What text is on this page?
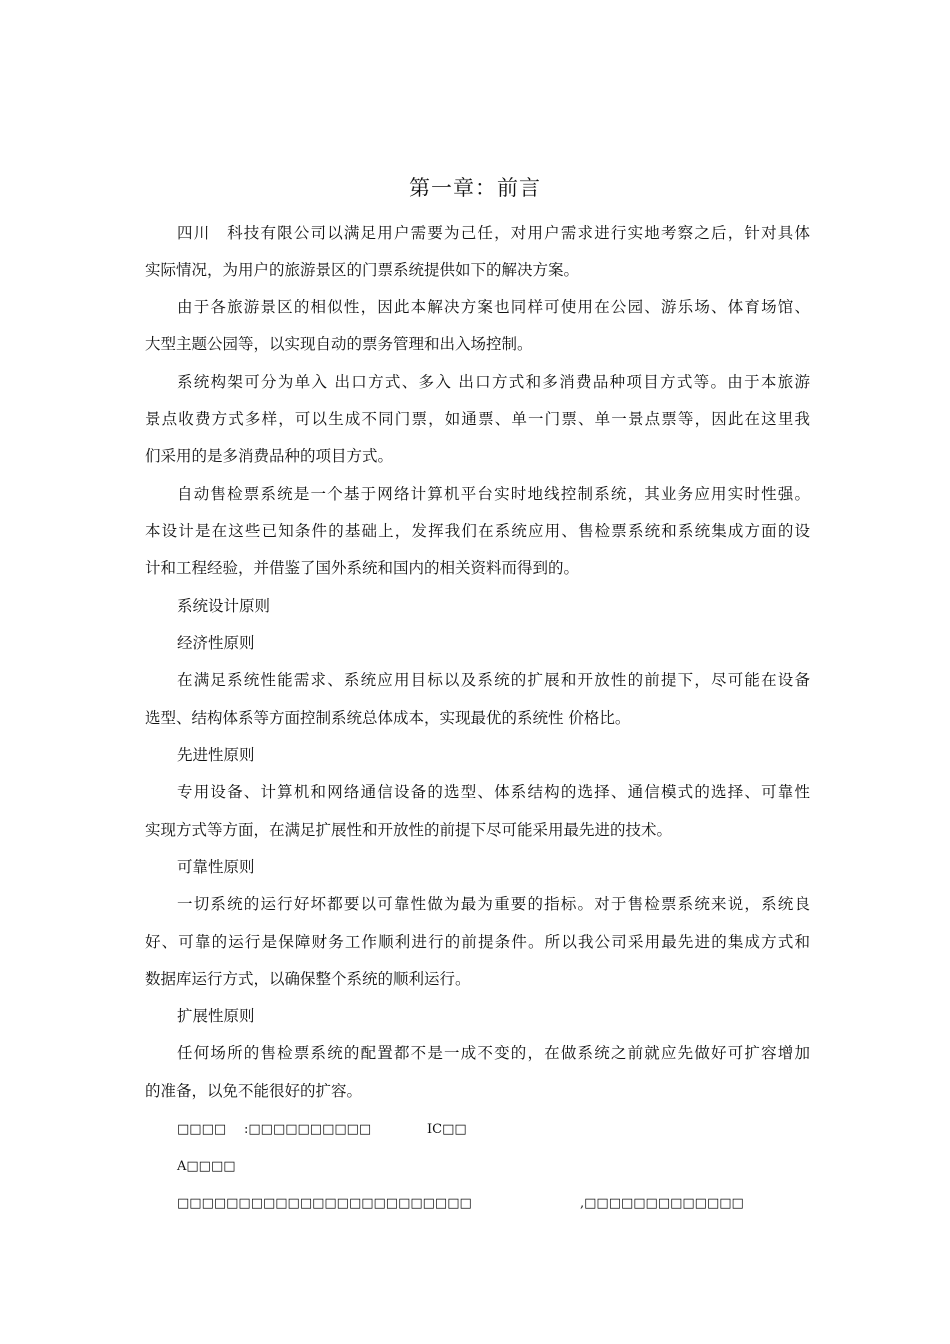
第一章：前言
四川　科技有限公司以满足用户需要为己任，对用户需求进行实地考察之后，针对具体
实际情况，为用户的旅游景区的门票系统提供如下的解决方案。
由于各旅游景区的相似性，因此本解决方案也同样可使用在公园、游乐场、体育场馆、
大型主题公园等，以实现自动的票务管理和出入场控制。
系统构架可分为单入 出口方式、多入 出口方式和多消费品种项目方式等。由于本旅游
景点收费方式多样，可以生成不同门票，如通票、单一门票、单一景点票等，因此在这里我
们采用的是多消费品种的项目方式。
自动售检票系统是一个基于网络计算机平台实时地线控制系统，其业务应用实时性强。
本设计是在这些已知条件的基础上，发挥我们在系统应用、售检票系统和系统集成方面的设
计和工程经验，并借鉴了国外系统和国内的相关资料而得到的。
系统设计原则
经济性原则
在满足系统性能需求、系统应用目标以及系统的扩展和开放性的前提下，尽可能在设备
选型、结构体系等方面控制系统总体成本，实现最优的系统性 价格比。
先进性原则
专用设备、计算机和网络通信设备的选型、体系结构的选择、通信模式的选择、可靠性
实现方式等方面，在满足扩展性和开放性的前提下尽可能采用最先进的技术。
可靠性原则
一切系统的运行好坏都要以可靠性做为最为重要的指标。对于售检票系统来说，系统良
好、可靠的运行是保障财务工作顺利进行的前提条件。所以我公司采用最先进的集成方式和
数据库运行方式，以确保整个系统的顺利运行。
扩展性原则
任何场所的售检票系统的配置都不是一成不变的，在做系统之前就应先做好可扩容增加
的准备，以免不能很好的扩容。
□□□□ :□□□□□□□□□□	IC□□
A□□□□
□□□□□□□□□□□□□□□□□□□□□□□□	,□□□□□□□□□□□□□
